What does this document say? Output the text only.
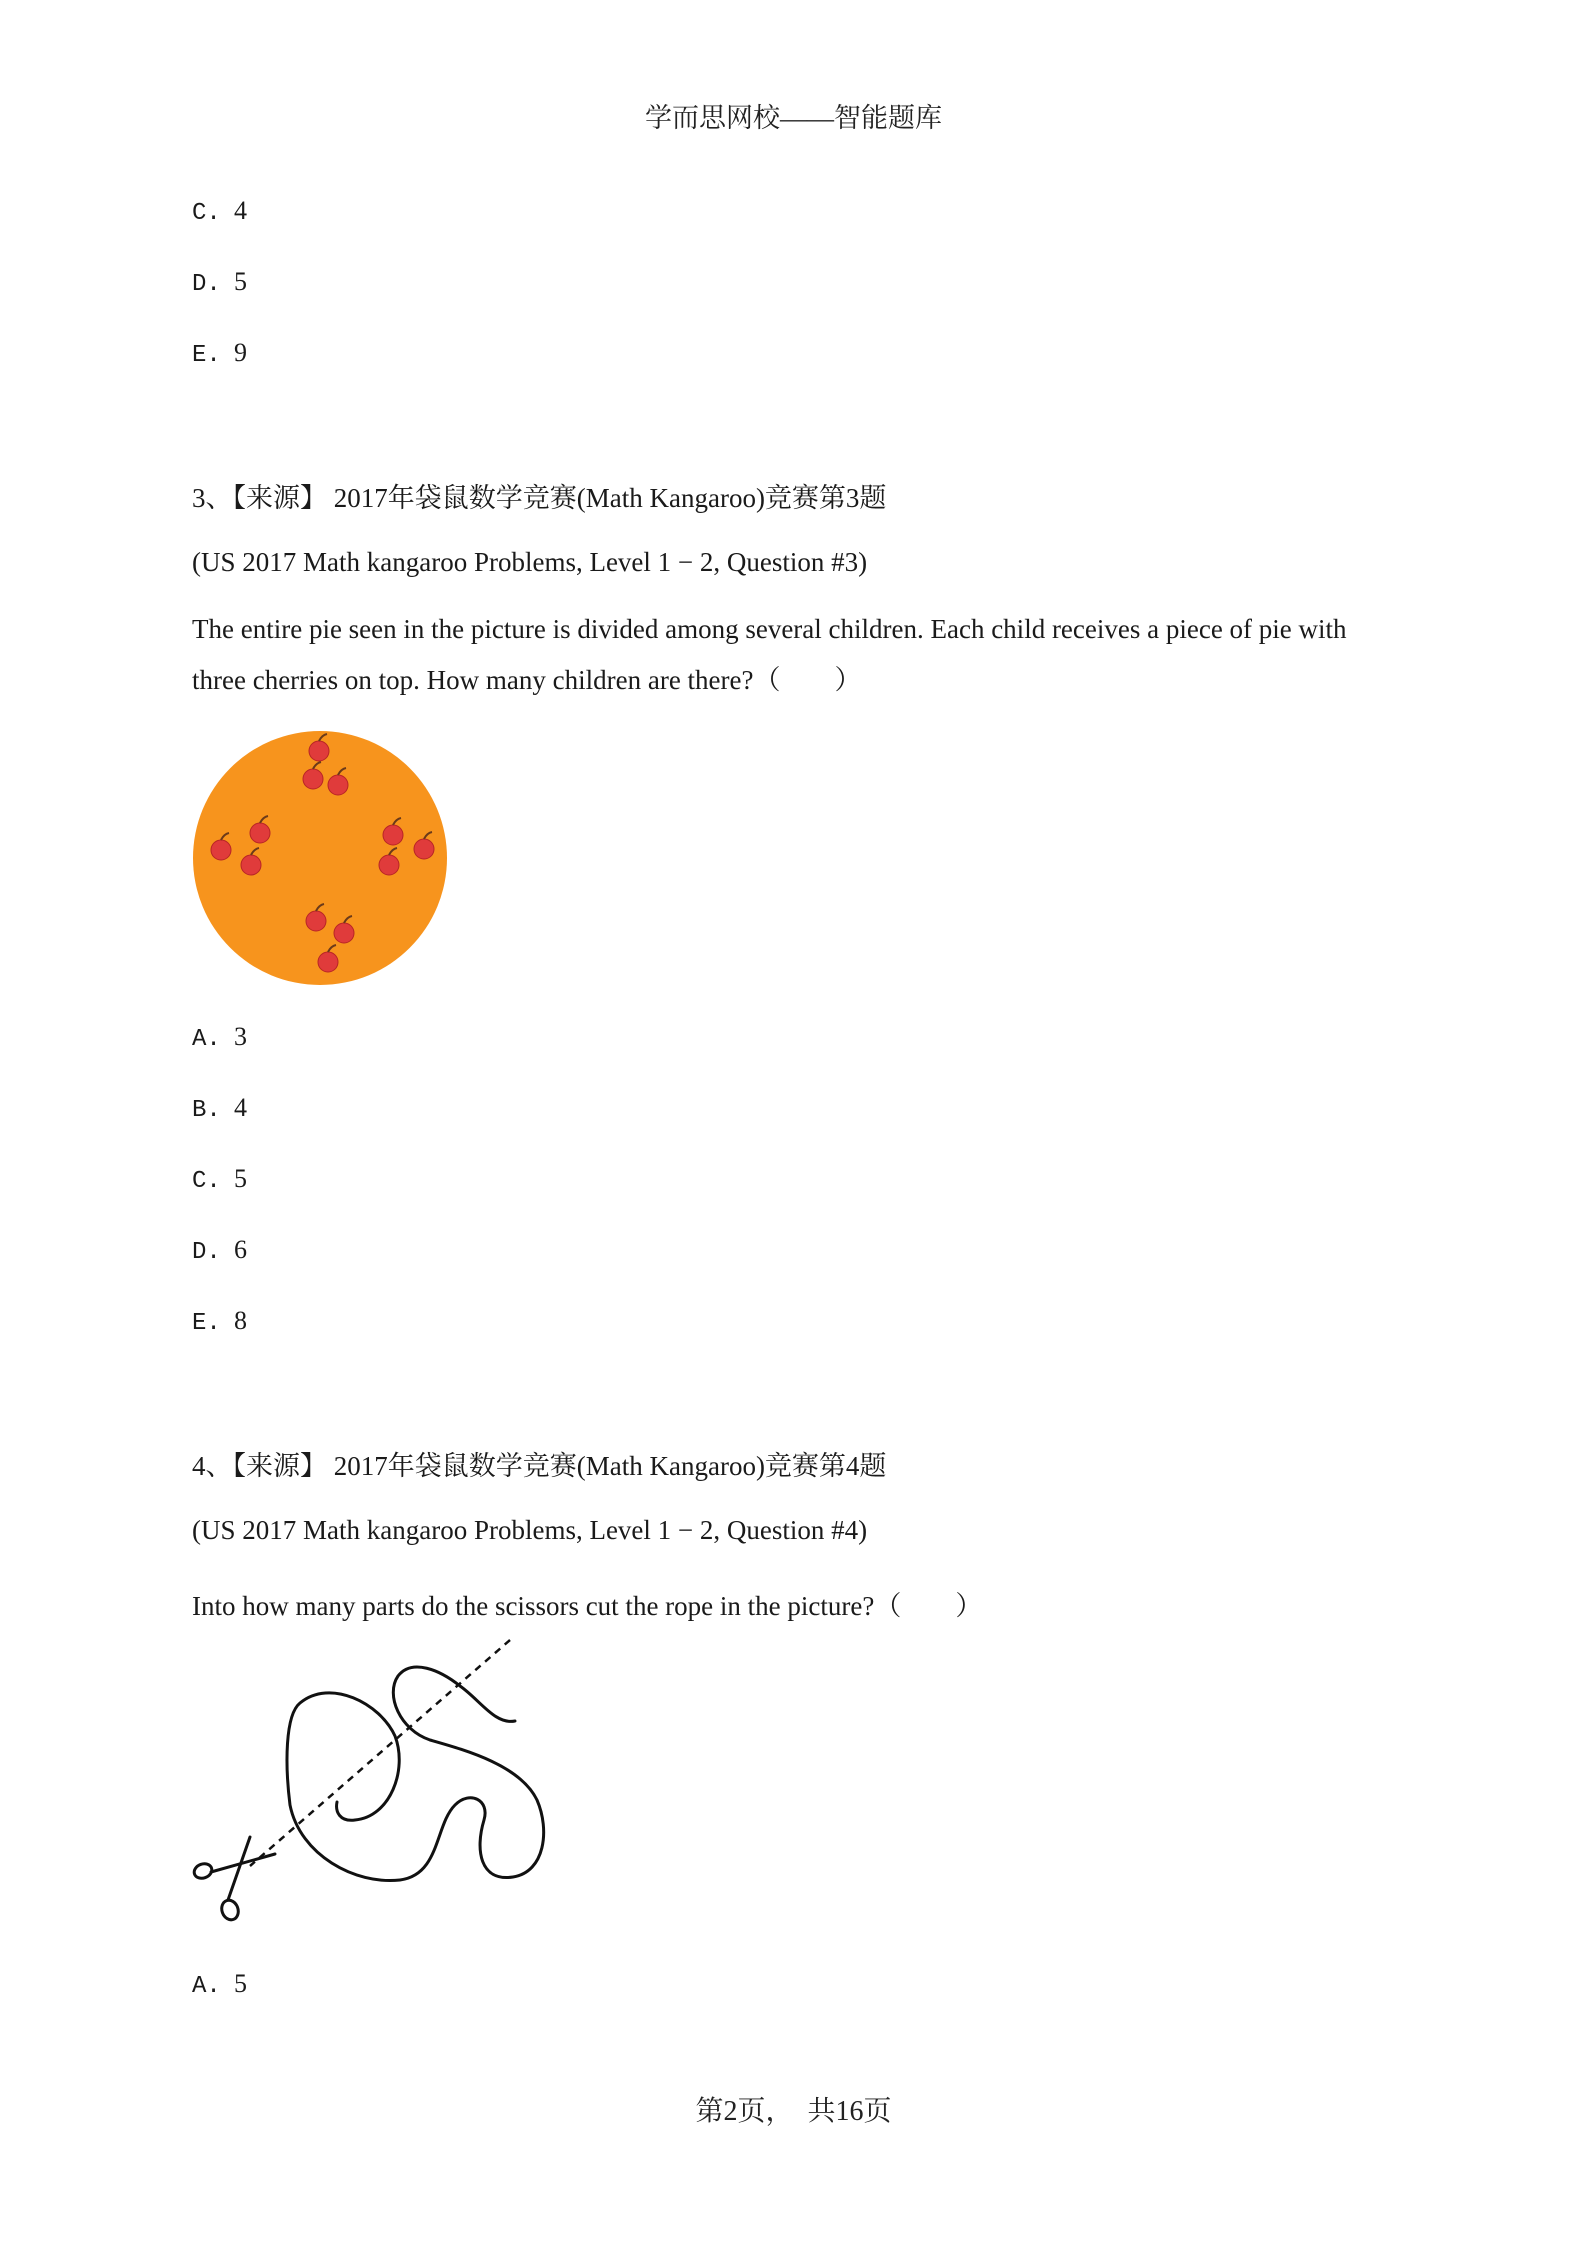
学而思网校——智能题库
C. 4
D. 5
E. 9
3、【来源】 2017年袋鼠数学竞赛(Math Kangaroo)竞赛第3题
(US 2017 Math kangaroo Problems, Level 1 − 2, Question #3)
The entire pie seen in the picture is divided among several children. Each child receives a piece of pie with
three cherries on top. How many children are there?（　　）
A. 3
B. 4
C. 5
D. 6
E. 8
4、【来源】 2017年袋鼠数学竞赛(Math Kangaroo)竞赛第4题
(US 2017 Math kangaroo Problems, Level 1 − 2, Question #4)
Into how many parts do the scissors cut the rope in the picture?（　　）
A. 5
第2页，　共16页
